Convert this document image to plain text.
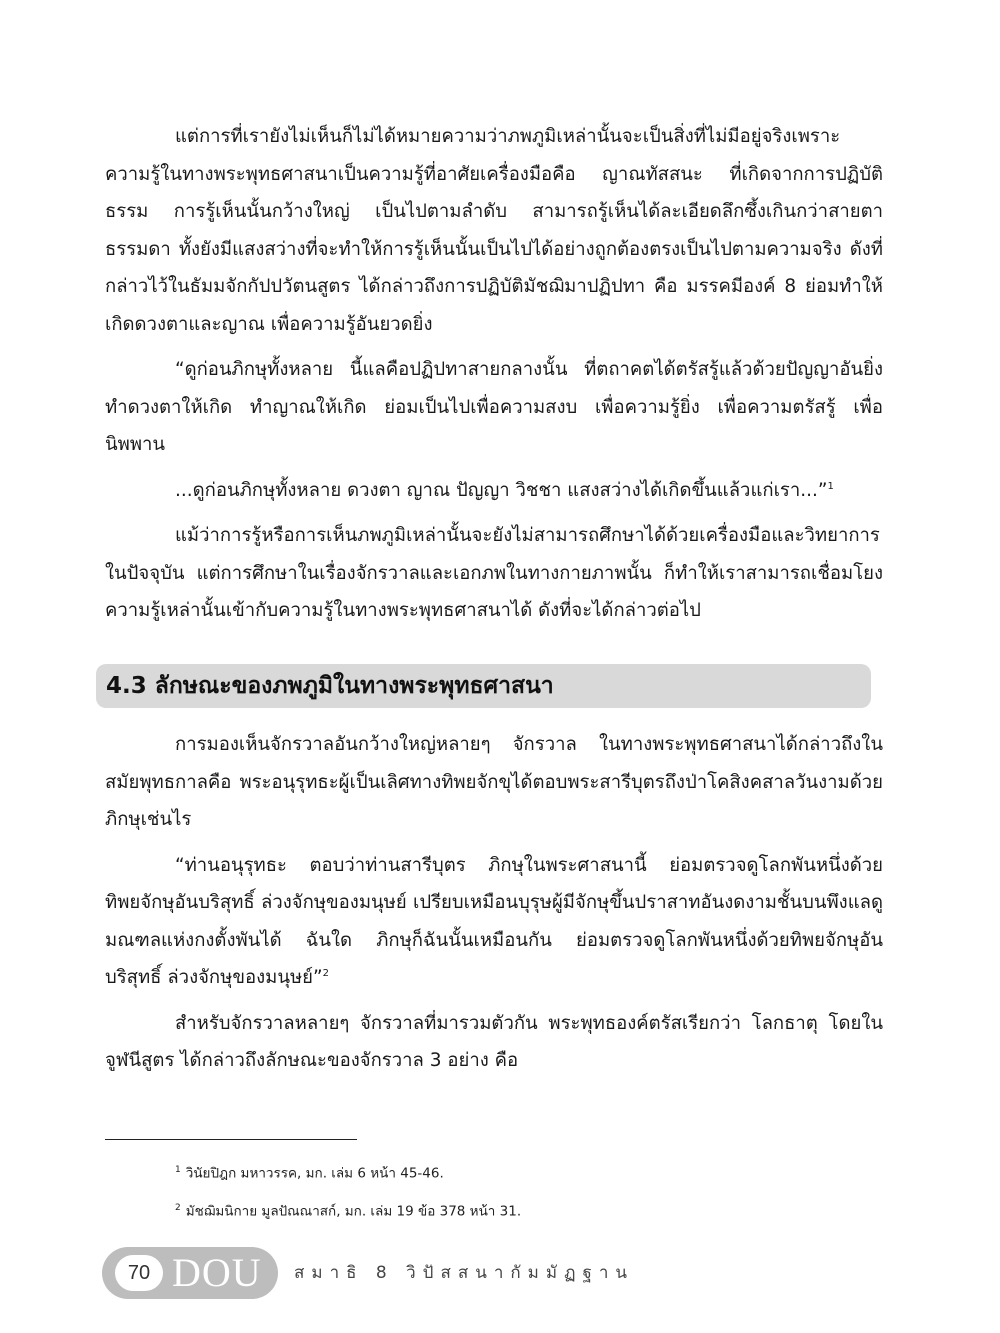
แต่การที่เรายังไม่เห็นก็ไม่ได้หมายความว่าภพภูมิเหล่านั้นจะเป็นสิ่งที่ไม่มีอยู่จริงเพราะความรู้ในทางพระพุทธศาสนาเป็นความรู้ที่อาศัยเครื่องมือคือ ญาณทัสสนะ ที่เกิดจากการปฏิบัติธรรม การรู้เห็นนั้นกว้างใหญ่ เป็นไปตามลำดับ สามารถรู้เห็นได้ละเอียดลึกซึ้งเกินกว่าสายตาธรรมดา ทั้งยังมีแสงสว่างที่จะทำให้การรู้เห็นนั้นเป็นไปได้อย่างถูกต้องตรงเป็นไปตามความจริง ดังที่กล่าวไว้ในธัมมจักกัปปวัตนสูตร ได้กล่าวถึงการปฏิบัติมัชฌิมาปฏิปทา คือ มรรคมีองค์ 8 ย่อมทำให้เกิดดวงตาและญาณ เพื่อความรู้อันยวดยิ่ง

“ดูก่อนภิกษุทั้งหลาย นี้แลคือปฏิปทาสายกลางนั้น ที่ตถาคตได้ตรัสรู้แล้วด้วยปัญญาอันยิ่ง ทำดวงตาให้เกิด ทำญาณให้เกิด ย่อมเป็นไปเพื่อความสงบ เพื่อความรู้ยิ่ง เพื่อความตรัสรู้ เพื่อนิพพาน

...ดูก่อนภิกษุทั้งหลาย ดวงตา ญาณ ปัญญา วิชชา แสงสว่างได้เกิดขึ้นแล้วแก่เรา...”$^1$

แม้ว่าการรู้หรือการเห็นภพภูมิเหล่านั้นจะยังไม่สามารถศึกษาได้ด้วยเครื่องมือและวิทยาการในปัจจุบัน แต่การศึกษาในเรื่องจักรวาลและเอกภพในทางกายภาพนั้น ก็ทำให้เราสามารถเชื่อมโยงความรู้เหล่านั้นเข้ากับความรู้ในทางพระพุทธศาสนาได้ ดังที่จะได้กล่าวต่อไป

4.3 ลักษณะของภพภูมิในทางพระพุทธศาสนา

การมองเห็นจักรวาลอันกว้างใหญ่หลายๆ จักรวาล ในทางพระพุทธศาสนาได้กล่าวถึงในสมัยพุทธกาลคือ พระอนุรุทธะผู้เป็นเลิศทางทิพยจักขุได้ตอบพระสารีบุตรถึงป่าโคสิงคสาลวันงามด้วยภิกษุเช่นไร

“ท่านอนุรุทธะ ตอบว่าท่านสารีบุตร ภิกษุในพระศาสนานี้ ย่อมตรวจดูโลกพันหนึ่งด้วยทิพยจักษุอันบริสุทธิ์ ล่วงจักษุของมนุษย์ เปรียบเหมือนบุรุษผู้มีจักษุขึ้นปราสาทอันงดงามชั้นบนพึงแลดูมณฑลแห่งกงตั้งพันได้ ฉันใด ภิกษุก็ฉันนั้นเหมือนกัน ย่อมตรวจดูโลกพันหนึ่งด้วยทิพยจักษุอันบริสุทธิ์ ล่วงจักษุของมนุษย์”$^2$

สำหรับจักรวาลหลายๆ จักรวาลที่มารวมตัวกัน พระพุทธองค์ตรัสเรียกว่า โลกธาตุ โดยในจูฬนีสูตร ได้กล่าวถึงลักษณะของจักรวาล 3 อย่าง คือ

$^1$ วินัยปิฎก มหาวรรค, มก. เล่ม 6 หน้า 45-46.
$^2$ มัชฌิมนิกาย มูลปัณณาสก์, มก. เล่ม 19 ข้อ 378 หน้า 31.
70 DOU สมาธิ 8 วิปัสสนากัมมัฏฐาน
